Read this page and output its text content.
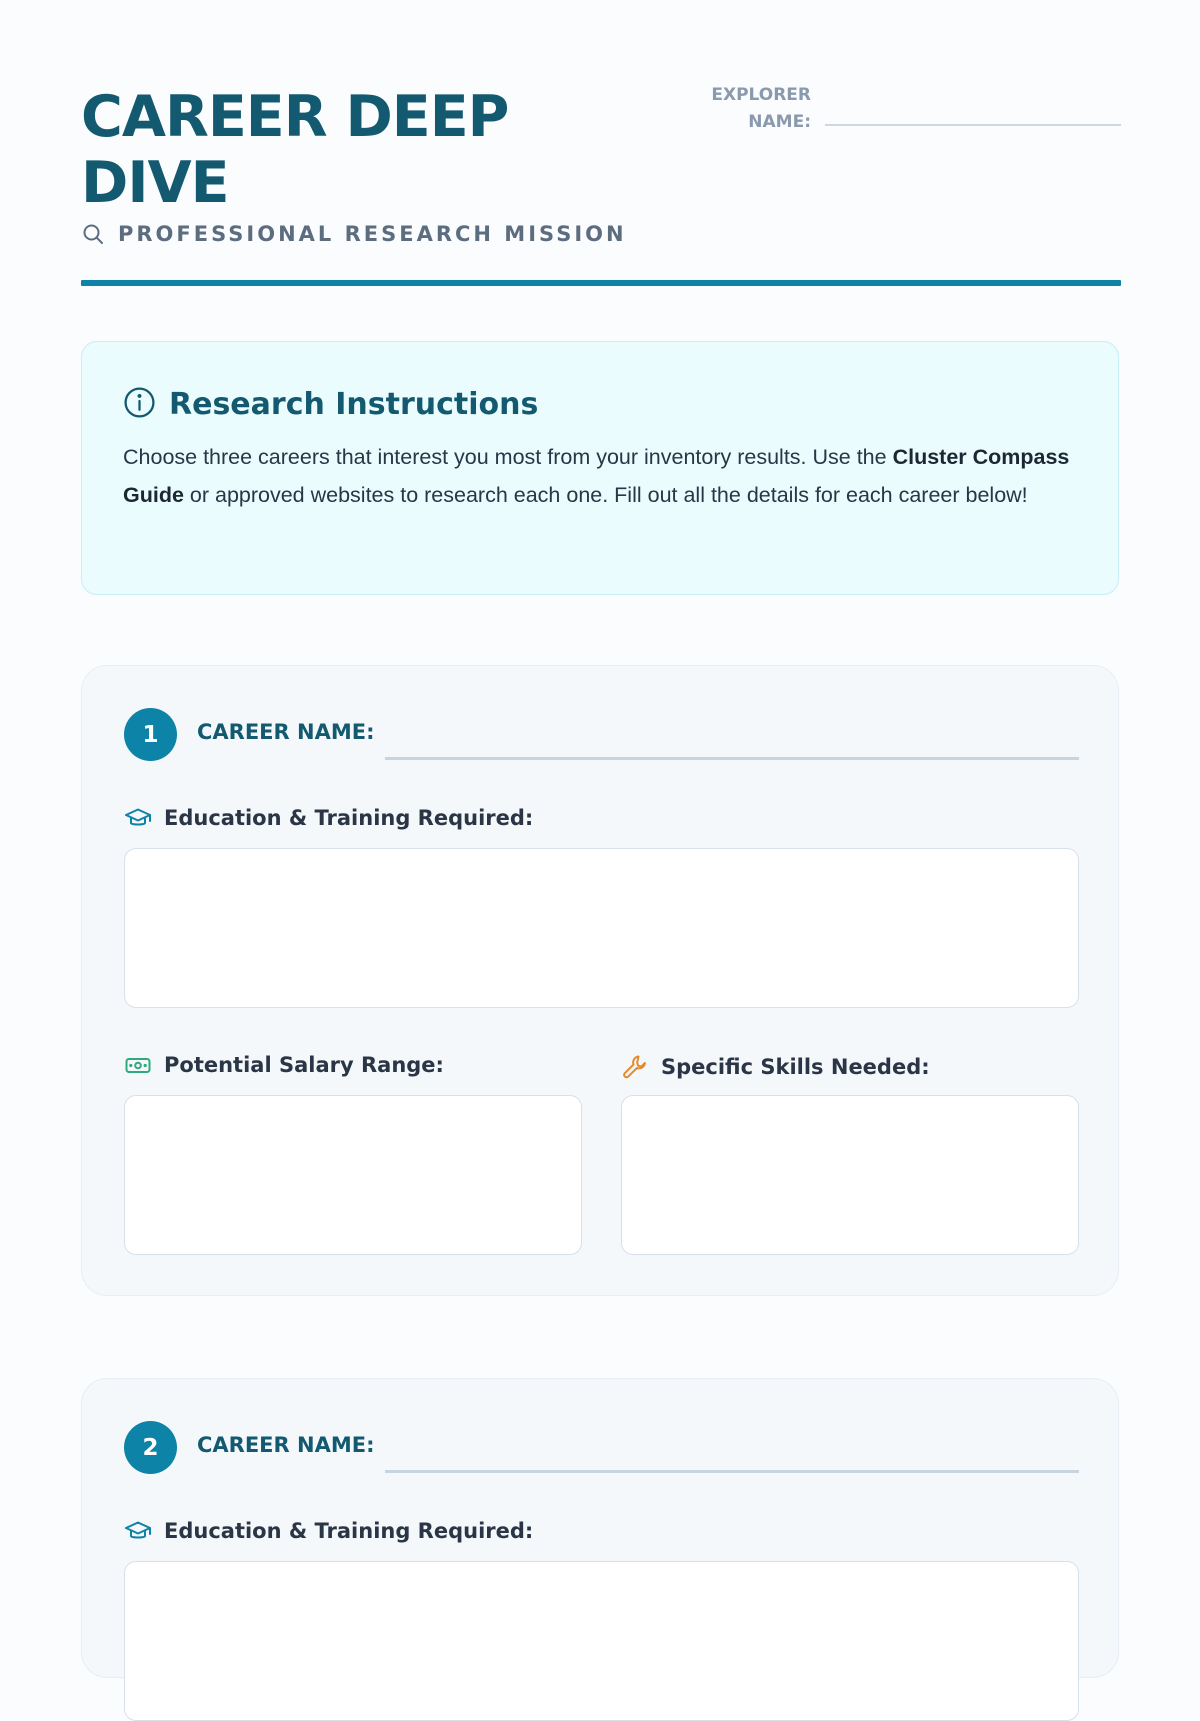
CAREER DEEP DIVE
PROFESSIONAL RESEARCH MISSION
EXPLORER
NAME:
Research Instructions

Choose three careers that interest you most from your inventory results. Use the Cluster Compass Guide or approved websites to research each one. Fill out all the details for each career below!

1	CAREER NAME:
Education & Training Required:
Potential Salary Range:	Specific Skills Needed:
2	CAREER NAME:
Education & Training Required:
